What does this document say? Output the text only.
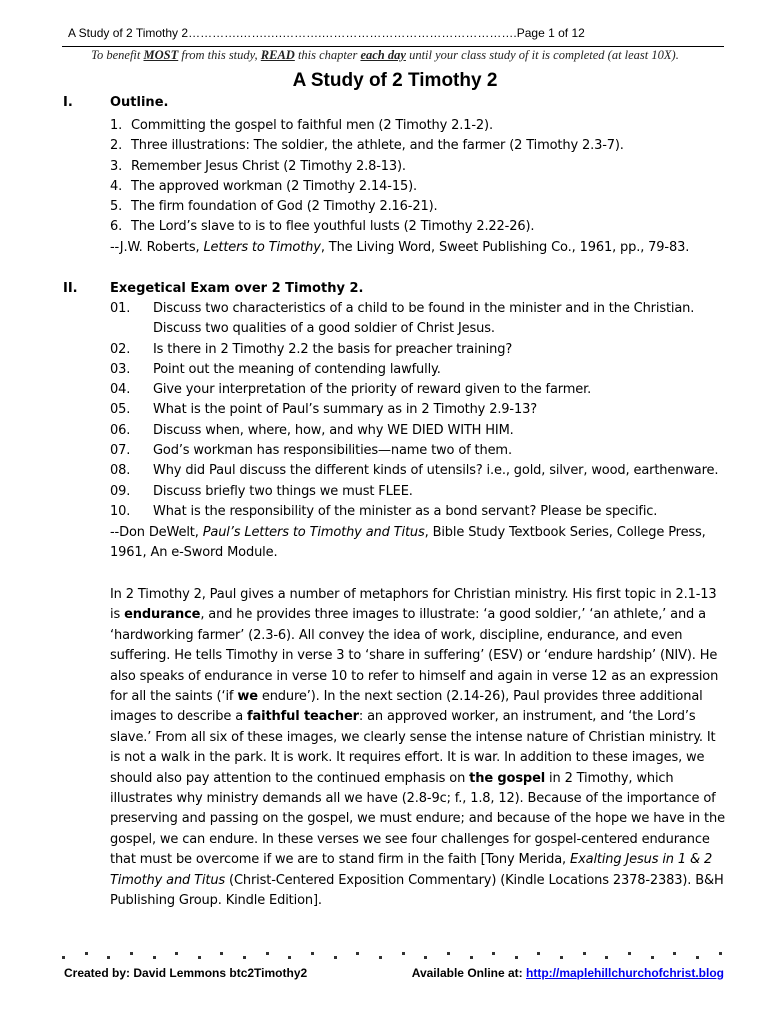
A Study of 2 Timothy 2………….…….….……….………………………………………….Page 1 of 12
To benefit MOST from this study, READ this chapter each day until your class study of it is completed (at least 10X).
A Study of 2 Timothy 2
I.	Outline.
1. Committing the gospel to faithful men (2 Timothy 2.1-2).
2. Three illustrations: The soldier, the athlete, and the farmer (2 Timothy 2.3-7).
3. Remember Jesus Christ (2 Timothy 2.8-13).
4. The approved workman (2 Timothy 2.14-15).
5. The firm foundation of God (2 Timothy 2.16-21).
6. The Lord’s slave to is to flee youthful lusts (2 Timothy 2.22-26).
--J.W. Roberts, Letters to Timothy, The Living Word, Sweet Publishing Co., 1961, pp., 79-83.
II. Exegetical Exam over 2 Timothy 2.
01.	Discuss two characteristics of a child to be found in the minister and in the Christian. Discuss two qualities of a good soldier of Christ Jesus.
02.	Is there in 2 Timothy 2.2 the basis for preacher training?
03.	Point out the meaning of contending lawfully.
04.	Give your interpretation of the priority of reward given to the farmer.
05.	What is the point of Paul’s summary as in 2 Timothy 2.9-13?
06.	Discuss when, where, how, and why WE DIED WITH HIM.
07.	God’s workman has responsibilities—name two of them.
08.	Why did Paul discuss the different kinds of utensils? i.e., gold, silver, wood, earthenware.
09.	Discuss briefly two things we must FLEE.
10.	What is the responsibility of the minister as a bond servant? Please be specific.
--Don DeWelt, Paul’s Letters to Timothy and Titus, Bible Study Textbook Series, College Press, 1961, An e-Sword Module.
In 2 Timothy 2, Paul gives a number of metaphors for Christian ministry. His first topic in 2.1-13 is endurance, and he provides three images to illustrate: ‘a good soldier,’ ‘an athlete,’ and a ‘hardworking farmer’ (2.3-6). All convey the idea of work, discipline, endurance, and even suffering. He tells Timothy in verse 3 to ‘share in suffering’ (ESV) or ‘endure hardship’ (NIV). He also speaks of endurance in verse 10 to refer to himself and again in verse 12 as an expression for all the saints (‘if we endure’). In the next section (2.14-26), Paul provides three additional images to describe a faithful teacher: an approved worker, an instrument, and ‘the Lord’s slave.’ From all six of these images, we clearly sense the intense nature of Christian ministry. It is not a walk in the park. It is work. It requires effort. It is war. In addition to these images, we should also pay attention to the continued emphasis on the gospel in 2 Timothy, which illustrates why ministry demands all we have (2.8-9c; f., 1.8, 12). Because of the importance of preserving and passing on the gospel, we must endure; and because of the hope we have in the gospel, we can endure. In these verses we see four challenges for gospel-centered endurance that must be overcome if we are to stand firm in the faith [Tony Merida, Exalting Jesus in 1 & 2 Timothy and Titus (Christ-Centered Exposition Commentary) (Kindle Locations 2378-2383). B&H Publishing Group. Kindle Edition].
Created by: David Lemmons btc2Timothy2	Available Online at: http://maplehillchurchofchrist.blog
